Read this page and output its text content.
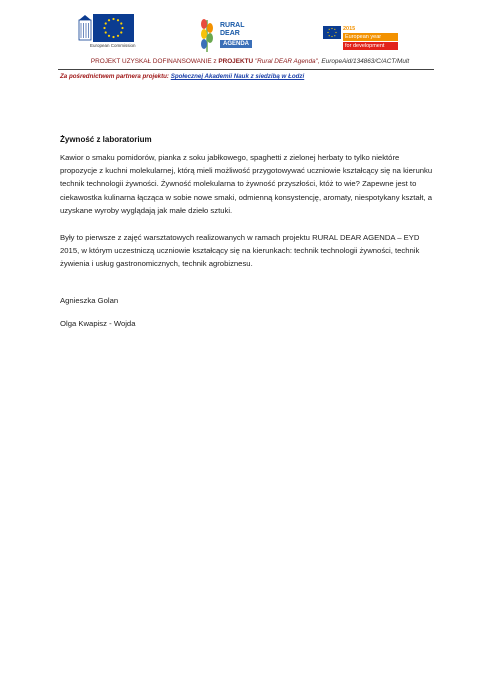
European Commission
RURAL DEAR
AGENDA
2015
European year
for development
PROJEKT UZYSKAŁ DOFINANSOWANIE z PROJEKTU "Rural DEAR Agenda", EuropeAid/134863/C/ACT/Mult
Za pośrednictwem partnera projektu: Społecznej Akademii Nauk z siedzibą w Łodzi
Żywność z laboratorium
Kawior o smaku pomidorów, pianka z soku jabłkowego, spaghetti z zielonej herbaty to tylko niektóre propozycje z kuchni molekularnej, którą mieli możliwość przygotowywać uczniowie kształcący się na kierunku technik technologii żywności. Żywność molekularna to żywność przyszłości, któż to wie? Zapewne jest to ciekawostka kulinarna łącząca w sobie nowe smaki, odmienną konsystencję, aromaty, niespotykany kształt, a uzyskane wyroby wyglądają jak małe dzieło sztuki.
Były to pierwsze z zajęć warsztatowych realizowanych w ramach projektu RURAL DEAR AGENDA – EYD 2015, w którym uczestniczą uczniowie kształcący się na kierunkach: technik technologii żywności, technik żywienia i usług gastronomicznych, technik agrobiznesu.
Agnieszka Golan
Olga Kwapisz - Wojda
